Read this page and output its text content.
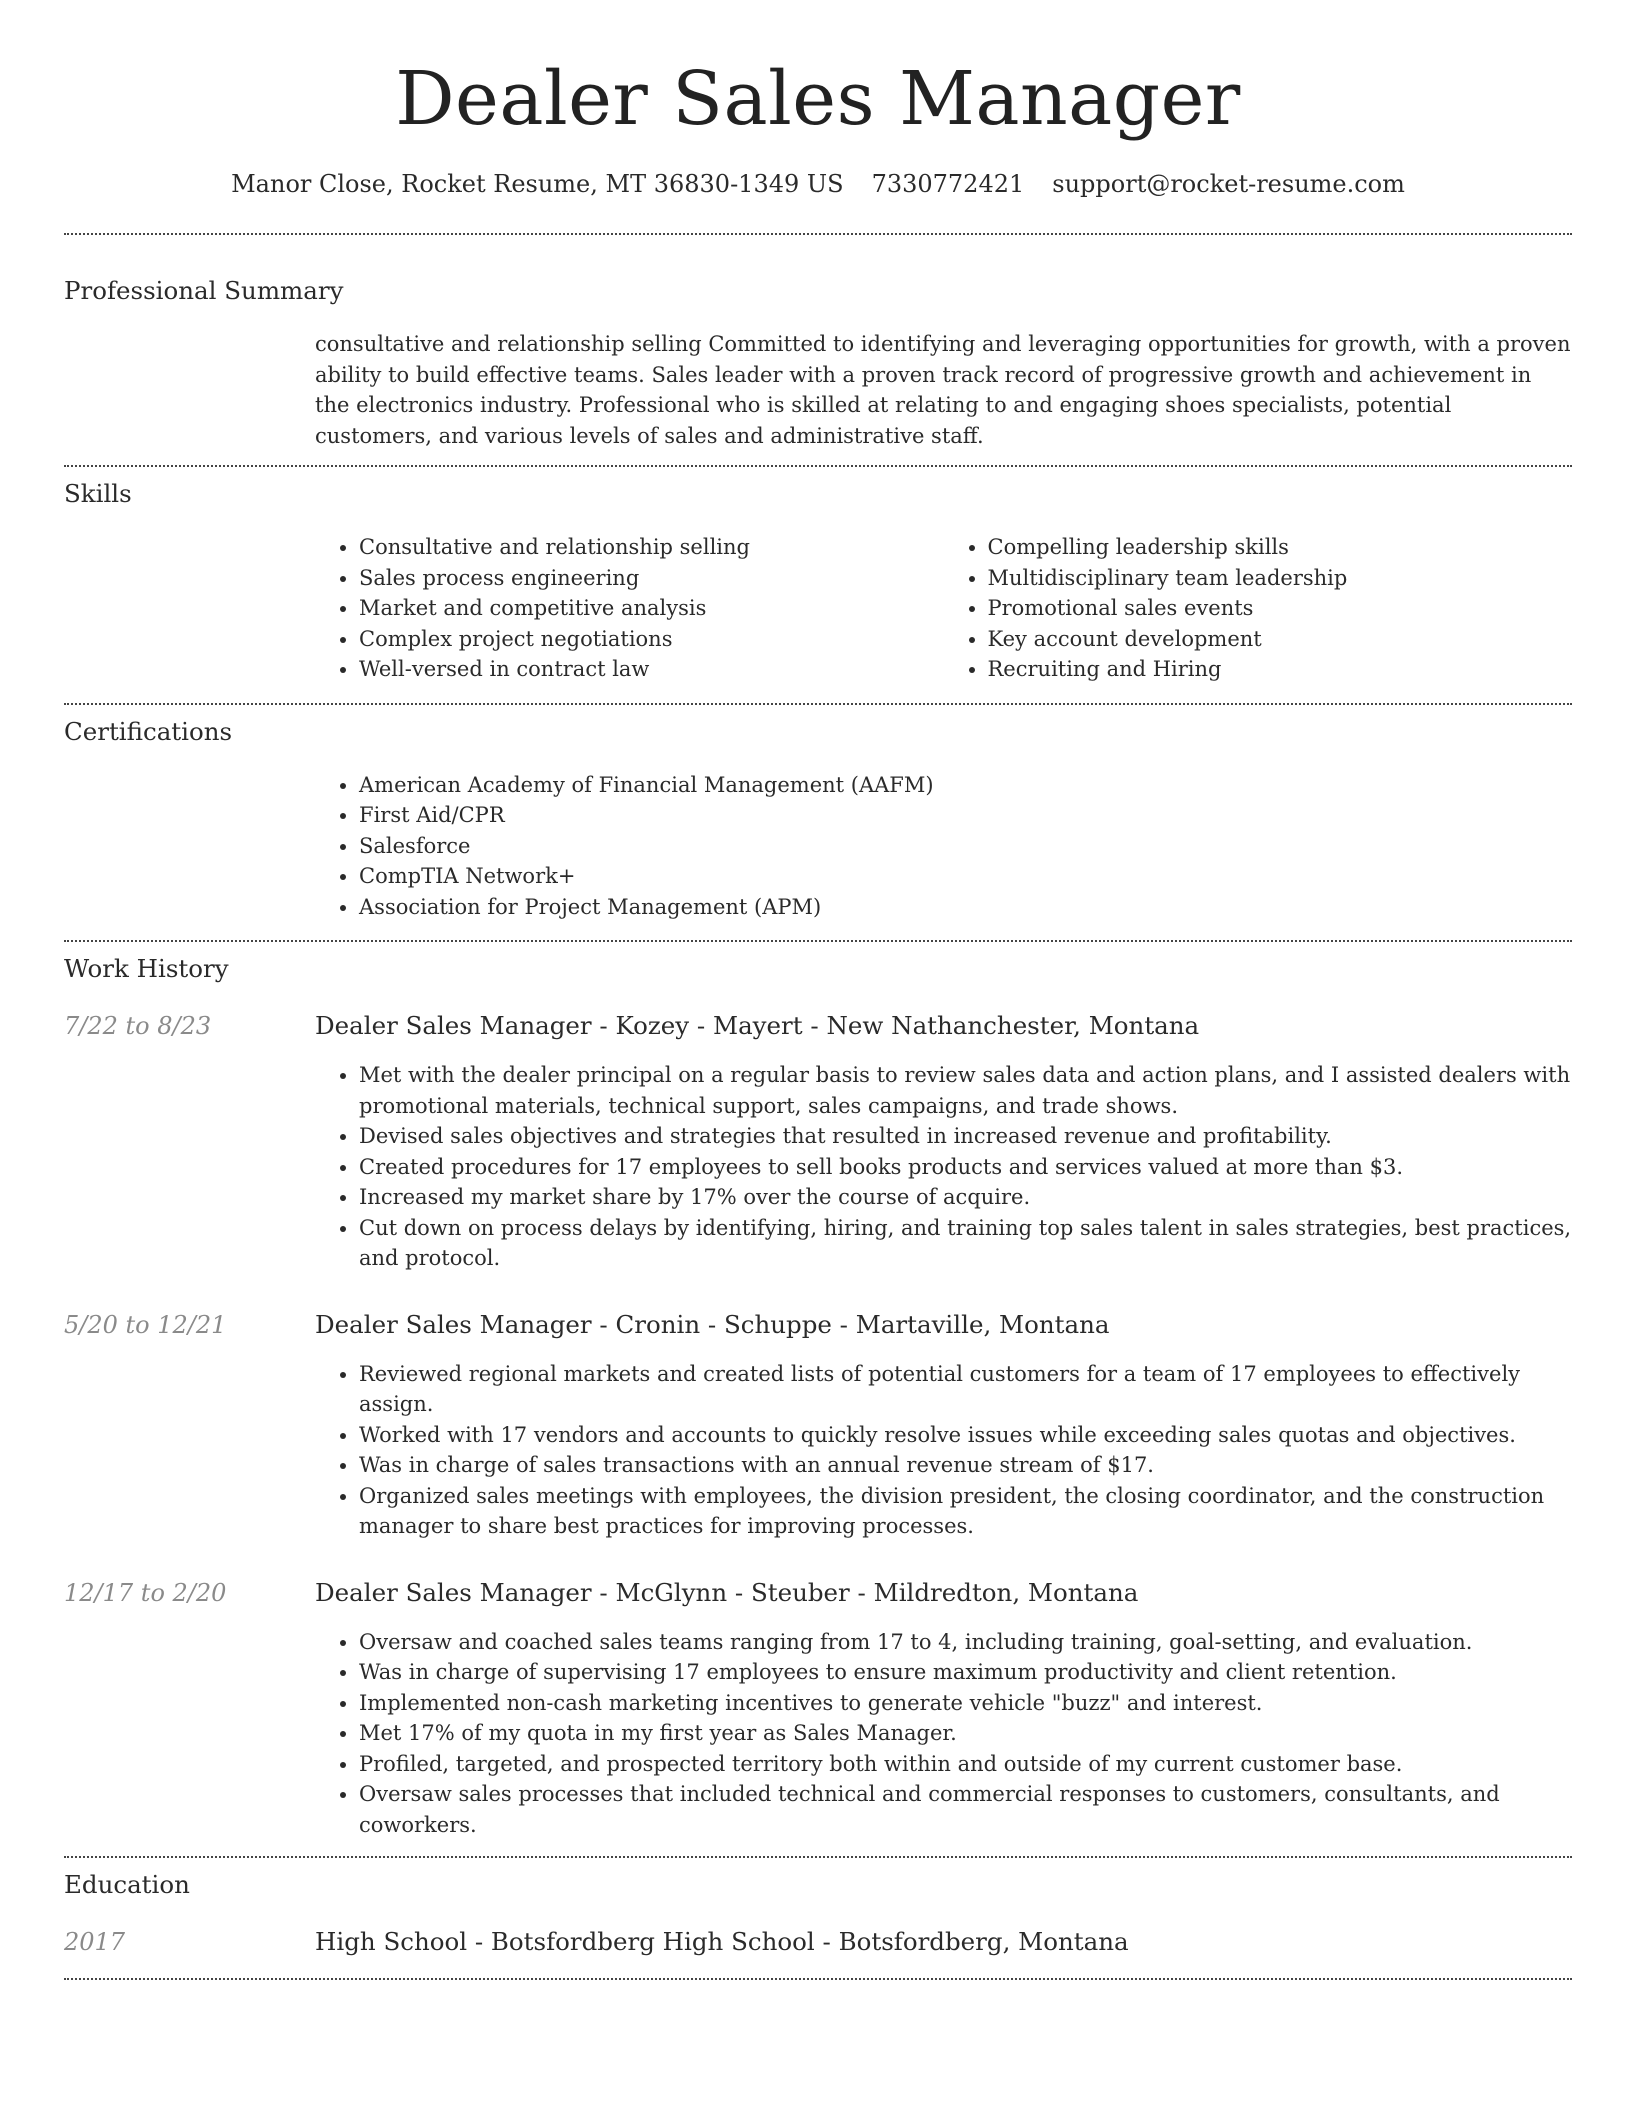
Dealer Sales Manager
Manor Close, Rocket Resume, MT 36830-1349 US 7330772421 support@rocket-resume.com
Professional Summary

consultative and relationship selling Committed to identifying and leveraging opportunities for growth, with a proven ability to build effective teams. Sales leader with a proven track record of progressive growth and achievement in the electronics industry. Professional who is skilled at relating to and engaging shoes specialists, potential customers, and various levels of sales and administrative staff.

Skills
• Consultative and relationship selling
• Sales process engineering
• Market and competitive analysis
• Complex project negotiations
• Well-versed in contract law
• Compelling leadership skills
• Multidisciplinary team leadership
• Promotional sales events
• Key account development
• Recruiting and Hiring
Certifications
• American Academy of Financial Management (AAFM)
• First Aid/CPR
• Salesforce
• CompTIA Network+
• Association for Project Management (APM)
Work History
7/22 to 8/23	Dealer Sales Manager - Kozey - Mayert - New Nathanchester, Montana
• Met with the dealer principal on a regular basis to review sales data and action plans, and I assisted dealers with promotional materials, technical support, sales campaigns, and trade shows.
• Devised sales objectives and strategies that resulted in increased revenue and profitability.
• Created procedures for 17 employees to sell books products and services valued at more than $3.
• Increased my market share by 17% over the course of acquire.
• Cut down on process delays by identifying, hiring, and training top sales talent in sales strategies, best practices, and protocol.
5/20 to 12/21	Dealer Sales Manager - Cronin - Schuppe - Martaville, Montana
• Reviewed regional markets and created lists of potential customers for a team of 17 employees to effectively assign.
• Worked with 17 vendors and accounts to quickly resolve issues while exceeding sales quotas and objectives.
• Was in charge of sales transactions with an annual revenue stream of $17.
• Organized sales meetings with employees, the division president, the closing coordinator, and the construction manager to share best practices for improving processes.
12/17 to 2/20	Dealer Sales Manager - McGlynn - Steuber - Mildredton, Montana
• Oversaw and coached sales teams ranging from 17 to 4, including training, goal-setting, and evaluation.
• Was in charge of supervising 17 employees to ensure maximum productivity and client retention.
• Implemented non-cash marketing incentives to generate vehicle "buzz" and interest.
• Met 17% of my quota in my first year as Sales Manager.
• Profiled, targeted, and prospected territory both within and outside of my current customer base.
• Oversaw sales processes that included technical and commercial responses to customers, consultants, and coworkers.
Education
2017	High School - Botsfordberg High School - Botsfordberg, Montana
